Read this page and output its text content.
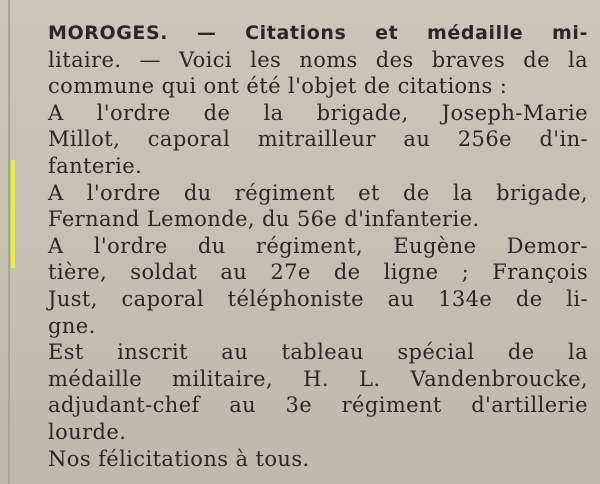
MOROGES. — Citations et médaille mi-
litaire. — Voici les noms des braves de la
commune qui ont été l'objet de citations :
A l'ordre de la brigade, Joseph-Marie
Millot, caporal mitrailleur au 256e d'in-
fanterie.
A l'ordre du régiment et de la brigade,
Fernand Lemonde, du 56e d'infanterie.
A l'ordre du régiment, Eugène Demor-
tière, soldat au 27e de ligne ; François
Just, caporal téléphoniste au 134e de li-
gne.
Est inscrit au tableau spécial de la
médaille militaire, H. L. Vandenbroucke,
adjudant-chef au 3e régiment d'artillerie
lourde.
Nos félicitations à tous.
